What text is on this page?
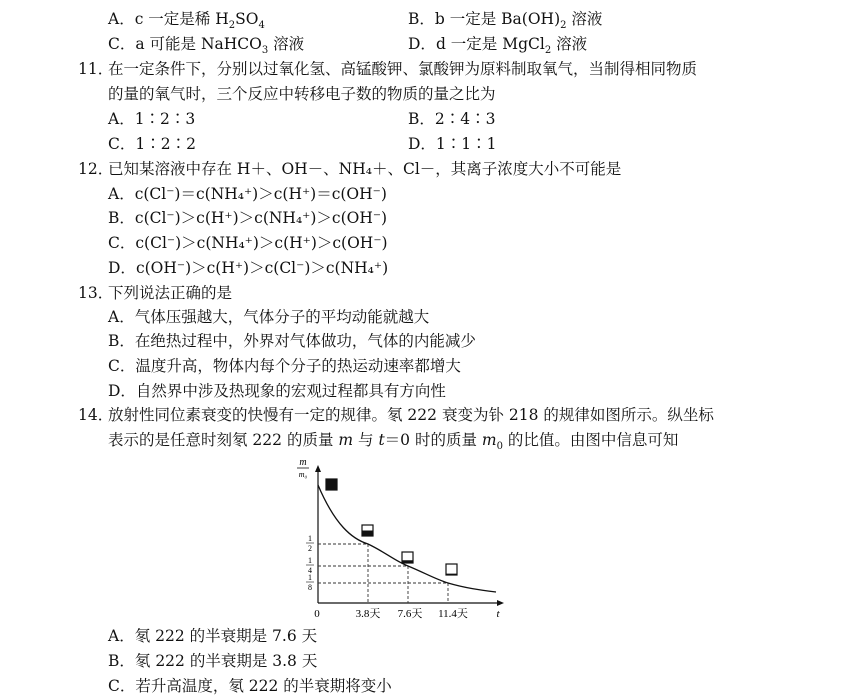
A．c 一定是稀 $H_2SO_4$	B．b 一定是 $Ba(OH)_2$ 溶液
C．a 可能是 NaHCO$_3$ 溶液	D．d 一定是 MgCl$_2$ 溶液
11．在一定条件下，分别以过氧化氢、高锰酸钾、氯酸钾为原料制取氧气，当制得相同物质
的量的氧气时，三个反应中转移电子数的物质的量之比为
A．1∶2∶3	B．2∶4∶3
C．1∶2∶2	D．1∶1∶1
12．已知某溶液中存在 H＋、OH－、NH₄＋、Cl－，其离子浓度大小不可能是
A．c(Cl⁻)＝c(NH₄⁺)＞c(H⁺)＝c(OH⁻)
B．c(Cl⁻)＞c(H⁺)＞c(NH₄⁺)＞c(OH⁻)
C．c(Cl⁻)＞c(NH₄⁺)＞c(H⁺)＞c(OH⁻)
D．c(OH⁻)＞c(H⁺)＞c(Cl⁻)＞c(NH₄⁺)
13．下列说法正确的是
A．气体压强越大，气体分子的平均动能就越大
B．在绝热过程中，外界对气体做功，气体的内能减少
C．温度升高，物体内每个分子的热运动速率都增大
D．自然界中涉及热现象的宏观过程都具有方向性
14．放射性同位素衰变的快慢有一定的规律。氡 222 衰变为钋 218 的规律如图所示。纵坐标
表示的是任意时刻氡 222 的质量 m 与 t＝0 时的质量 $m_0$ 的比值。由图中信息可知
m
m₀
1
2
1
4
1
8
0	3.8天 7.6天 11.4天	t
A．氡 222 的半衰期是 7.6 天
B．氡 222 的半衰期是 3.8 天
C．若升高温度，氡 222 的半衰期将变小
